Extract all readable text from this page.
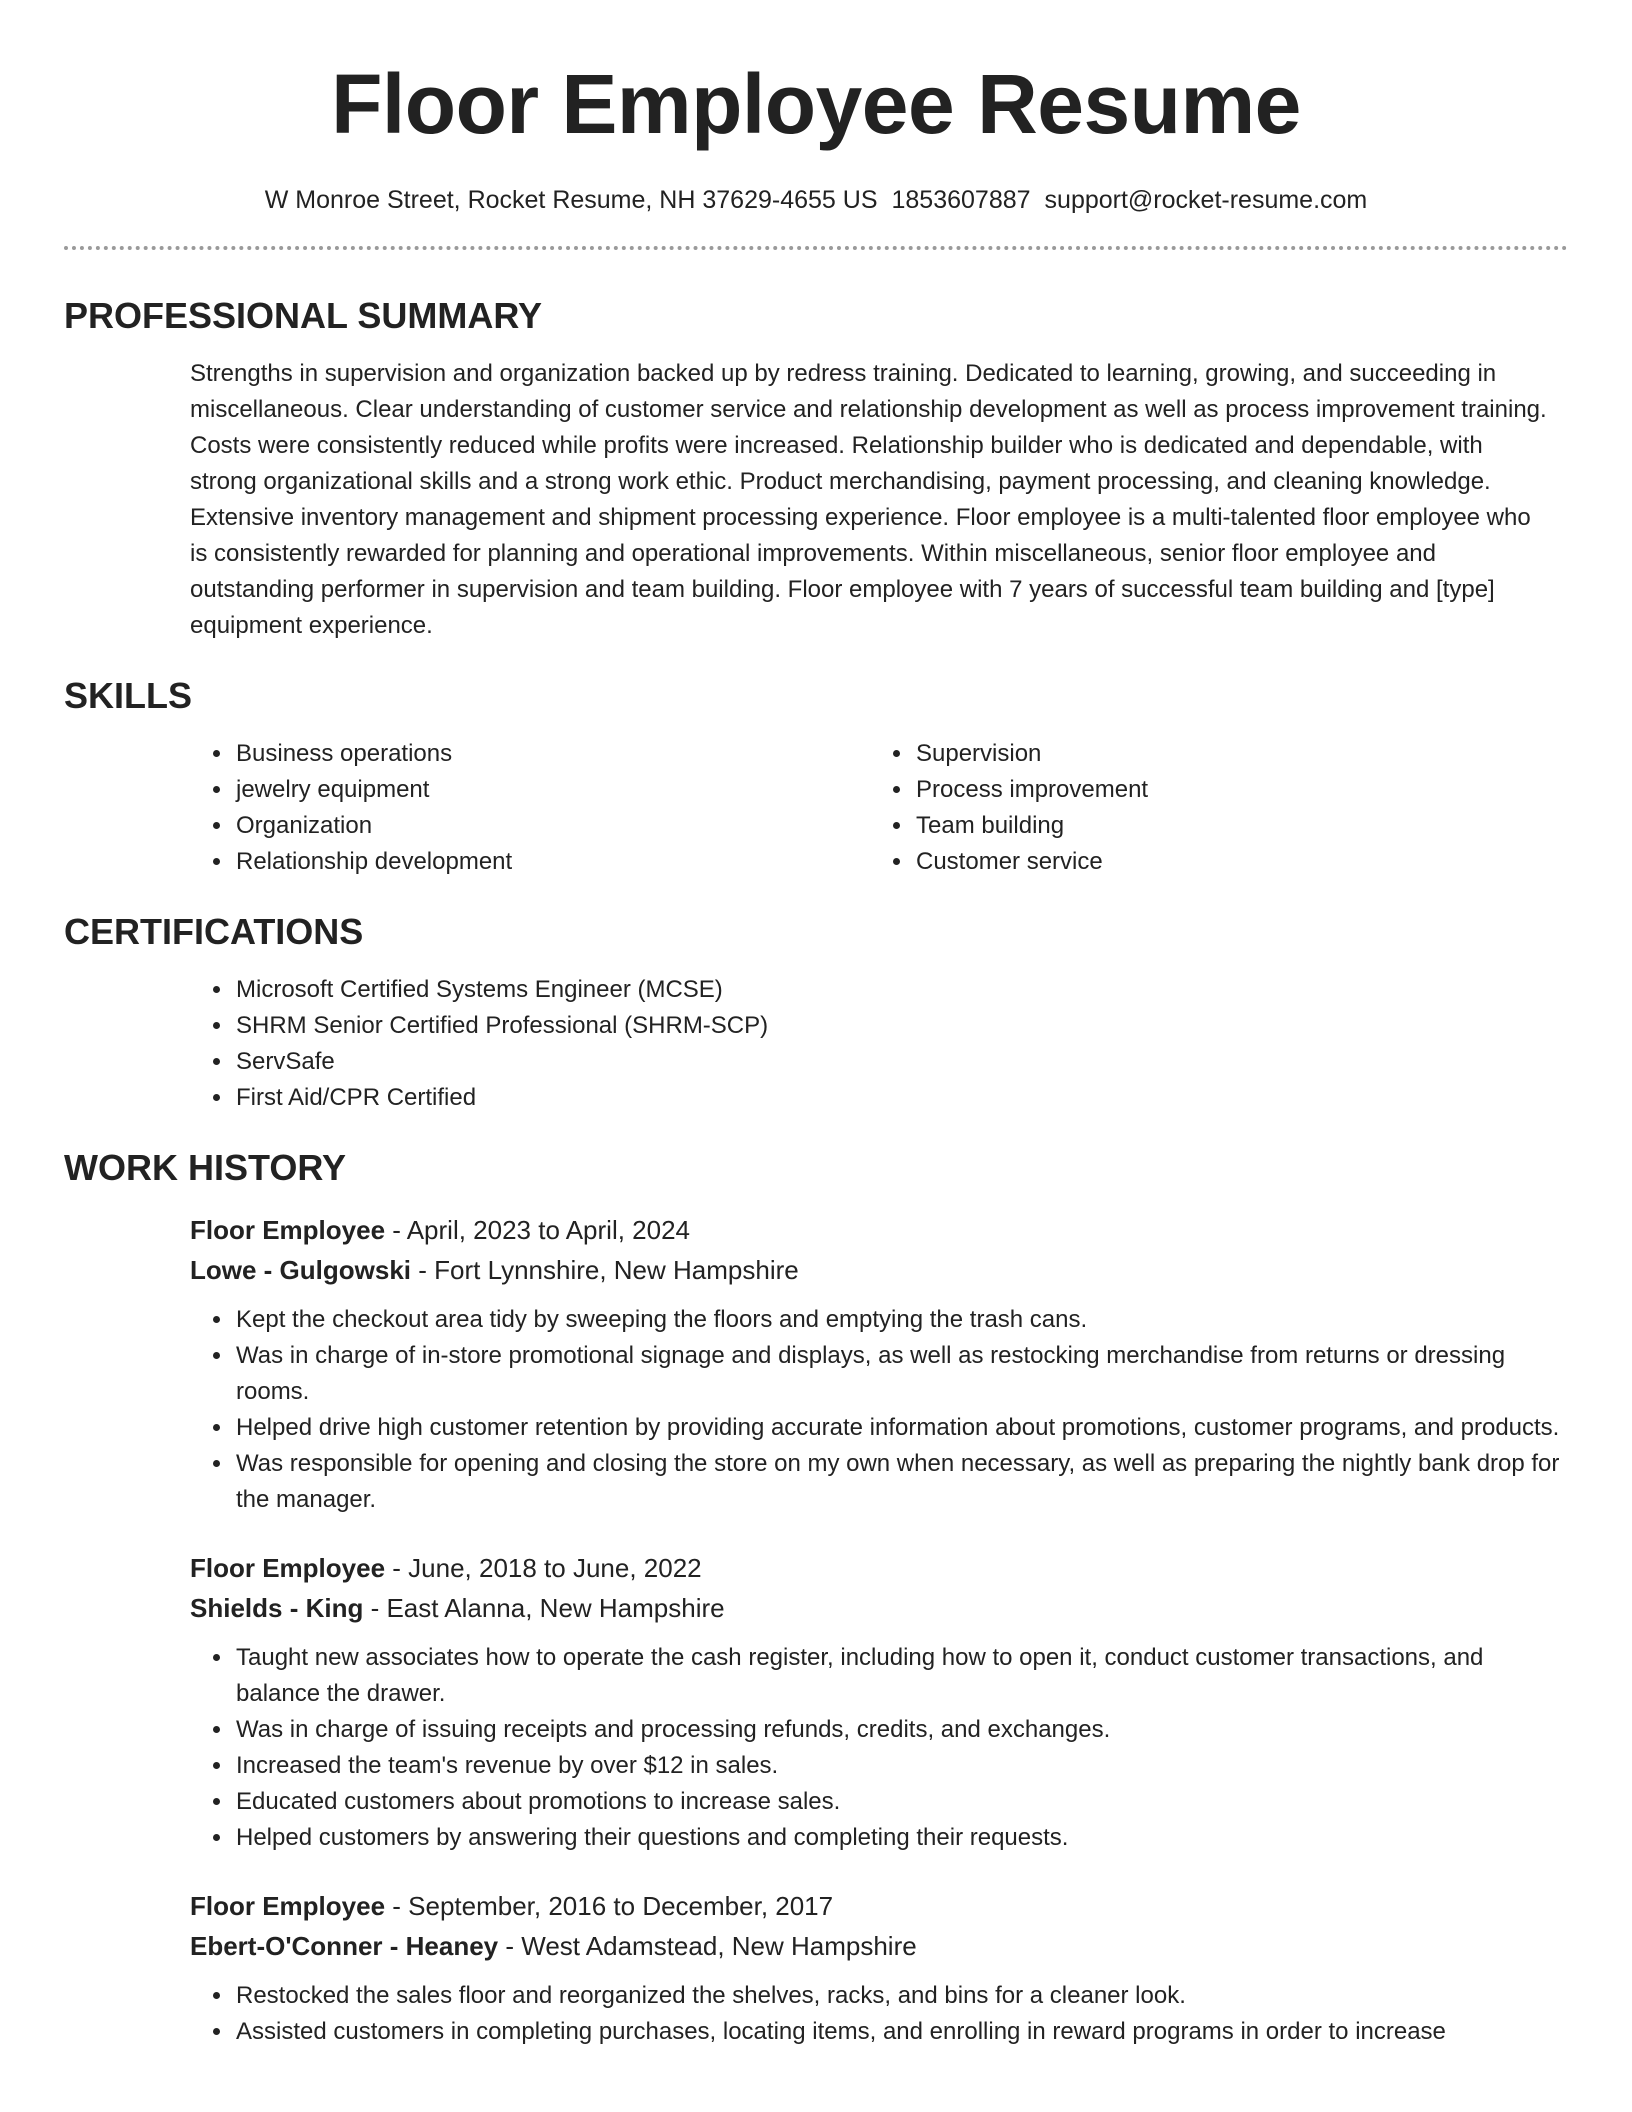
Floor Employee Resume
W Monroe Street, Rocket Resume, NH 37629-4655 US 1853607887 support@rocket-resume.com
PROFESSIONAL SUMMARY

Strengths in supervision and organization backed up by redress training. Dedicated to learning, growing, and succeeding in miscellaneous. Clear understanding of customer service and relationship development as well as process improvement training. Costs were consistently reduced while profits were increased. Relationship builder who is dedicated and dependable, with strong organizational skills and a strong work ethic. Product merchandising, payment processing, and cleaning knowledge. Extensive inventory management and shipment processing experience. Floor employee is a multi-talented floor employee who is consistently rewarded for planning and operational improvements. Within miscellaneous, senior floor employee and outstanding performer in supervision and team building. Floor employee with 7 years of successful team building and [type] equipment experience.

SKILLS
• Business operations
• jewelry equipment
• Organization
• Relationship development
• Supervision
• Process improvement
• Team building
• Customer service
CERTIFICATIONS
• Microsoft Certified Systems Engineer (MCSE)
• SHRM Senior Certified Professional (SHRM-SCP)
• ServSafe
• First Aid/CPR Certified
WORK HISTORY
Floor Employee - April, 2023 to April, 2024
Lowe - Gulgowski - Fort Lynnshire, New Hampshire
• Kept the checkout area tidy by sweeping the floors and emptying the trash cans.
• Was in charge of in-store promotional signage and displays, as well as restocking merchandise from returns or dressing rooms.
• Helped drive high customer retention by providing accurate information about promotions, customer programs, and products.
• Was responsible for opening and closing the store on my own when necessary, as well as preparing the nightly bank drop for the manager.
Floor Employee - June, 2018 to June, 2022
Shields - King - East Alanna, New Hampshire
• Taught new associates how to operate the cash register, including how to open it, conduct customer transactions, and balance the drawer.
• Was in charge of issuing receipts and processing refunds, credits, and exchanges.
• Increased the team's revenue by over $12 in sales.
• Educated customers about promotions to increase sales.
• Helped customers by answering their questions and completing their requests.
Floor Employee - September, 2016 to December, 2017
Ebert-O'Conner - Heaney - West Adamstead, New Hampshire
• Restocked the sales floor and reorganized the shelves, racks, and bins for a cleaner look.
• Assisted customers in completing purchases, locating items, and enrolling in reward programs in order to increase
